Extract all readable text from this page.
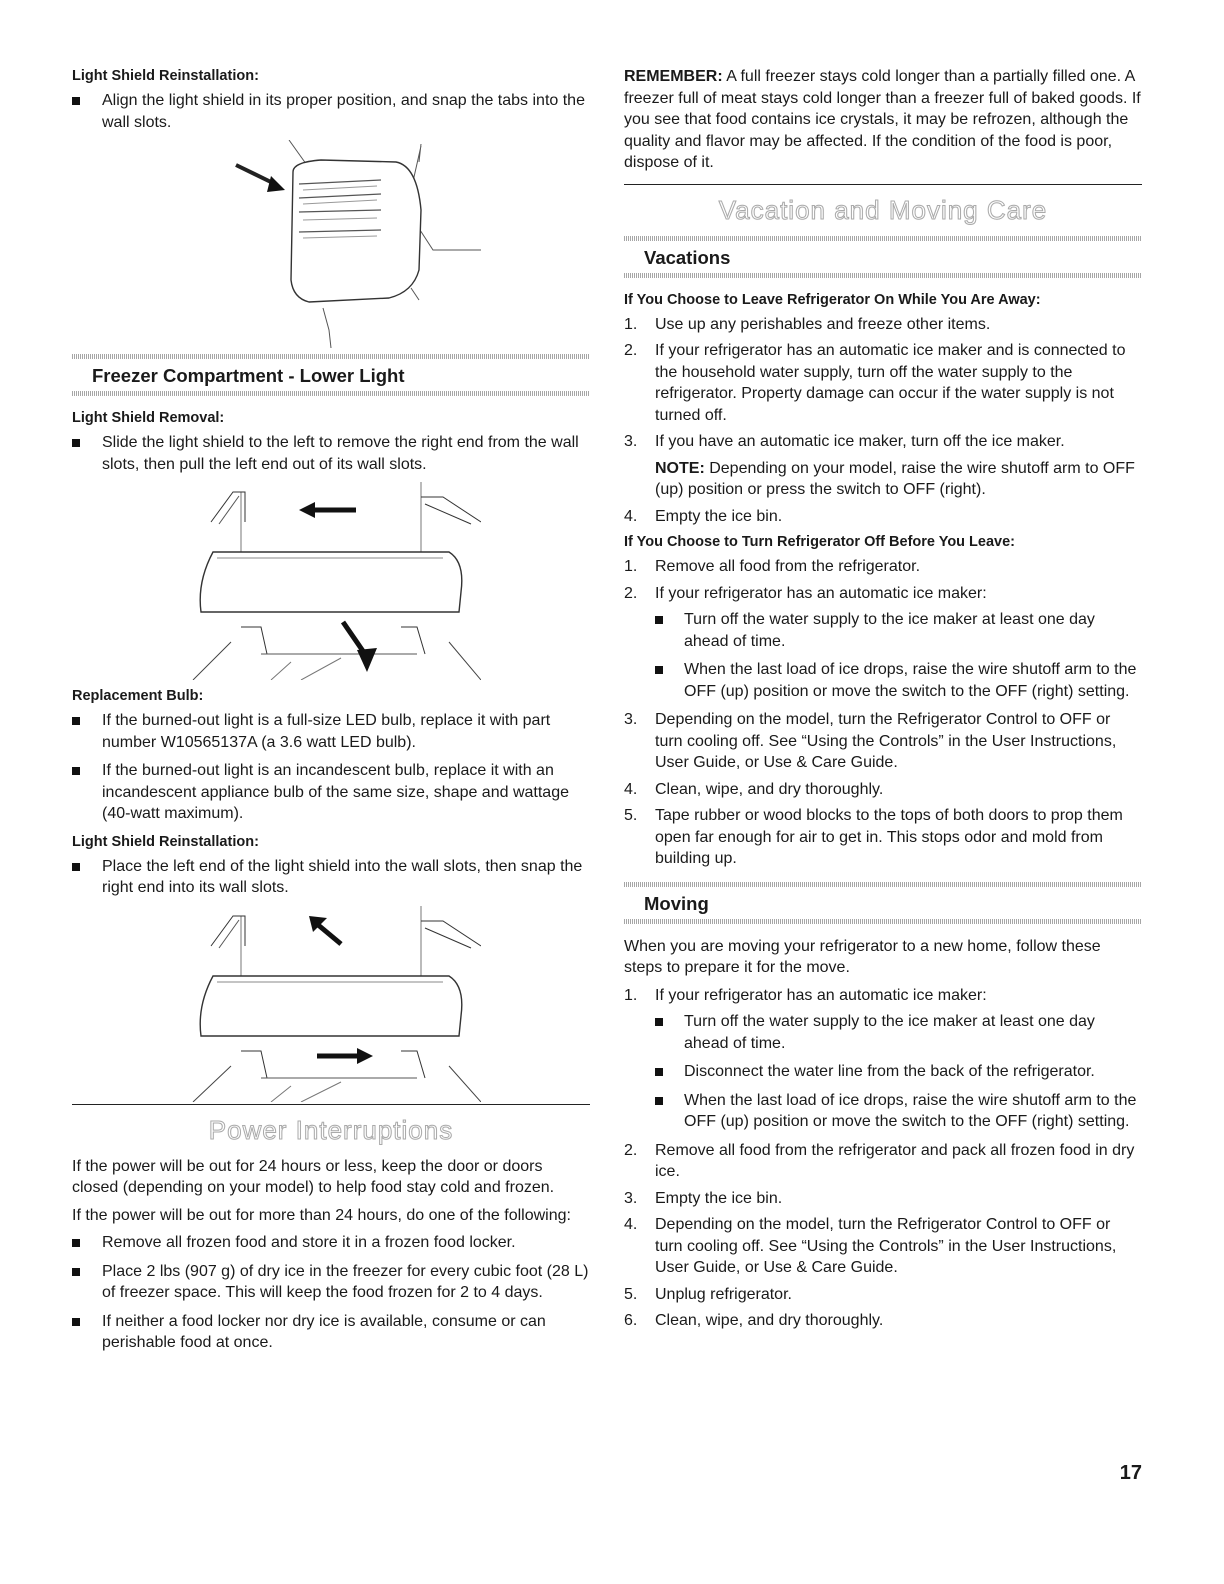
Light Shield Reinstallation:
Align the light shield in its proper position, and snap the tabs into the wall slots.
Freezer Compartment - Lower Light
Light Shield Removal:
Slide the light shield to the left to remove the right end from the wall slots, then pull the left end out of its wall slots.
Replacement Bulb:
If the burned-out light is a full-size LED bulb, replace it with part number W10565137A (a 3.6 watt LED bulb).
If the burned-out light is an incandescent bulb, replace it with an incandescent appliance bulb of the same size, shape and wattage (40-watt maximum).
Light Shield Reinstallation:
Place the left end of the light shield into the wall slots, then snap the right end into its wall slots.
Power Interruptions
If the power will be out for 24 hours or less, keep the door or doors closed (depending on your model) to help food stay cold and frozen.
If the power will be out for more than 24 hours, do one of the following:
Remove all frozen food and store it in a frozen food locker.
Place 2 lbs (907 g) of dry ice in the freezer for every cubic foot (28 L) of freezer space. This will keep the food frozen for 2 to 4 days.
If neither a food locker nor dry ice is available, consume or can perishable food at once.
REMEMBER: A full freezer stays cold longer than a partially filled one. A freezer full of meat stays cold longer than a freezer full of baked goods. If you see that food contains ice crystals, it may be refrozen, although the quality and flavor may be affected. If the condition of the food is poor, dispose of it.
Vacation and Moving Care
Vacations
If You Choose to Leave Refrigerator On While You Are Away:
1. Use up any perishables and freeze other items.
2. If your refrigerator has an automatic ice maker and is connected to the household water supply, turn off the water supply to the refrigerator. Property damage can occur if the water supply is not turned off.
3. If you have an automatic ice maker, turn off the ice maker.
NOTE: Depending on your model, raise the wire shutoff arm to OFF (up) position or press the switch to OFF (right).
4. Empty the ice bin.
If You Choose to Turn Refrigerator Off Before You Leave:
1. Remove all food from the refrigerator.
2. If your refrigerator has an automatic ice maker:
Turn off the water supply to the ice maker at least one day ahead of time.
When the last load of ice drops, raise the wire shutoff arm to the OFF (up) position or move the switch to the OFF (right) setting.
3. Depending on the model, turn the Refrigerator Control to OFF or turn cooling off. See “Using the Controls” in the User Instructions, User Guide, or Use & Care Guide.
4. Clean, wipe, and dry thoroughly.
5. Tape rubber or wood blocks to the tops of both doors to prop them open far enough for air to get in. This stops odor and mold from building up.
Moving
When you are moving your refrigerator to a new home, follow these steps to prepare it for the move.
1. If your refrigerator has an automatic ice maker:
Turn off the water supply to the ice maker at least one day ahead of time.
Disconnect the water line from the back of the refrigerator.
When the last load of ice drops, raise the wire shutoff arm to the OFF (up) position or move the switch to the OFF (right) setting.
2. Remove all food from the refrigerator and pack all frozen food in dry ice.
3. Empty the ice bin.
4. Depending on the model, turn the Refrigerator Control to OFF or turn cooling off. See “Using the Controls” in the User Instructions, User Guide, or Use & Care Guide.
5. Unplug refrigerator.
6. Clean, wipe, and dry thoroughly.
17
